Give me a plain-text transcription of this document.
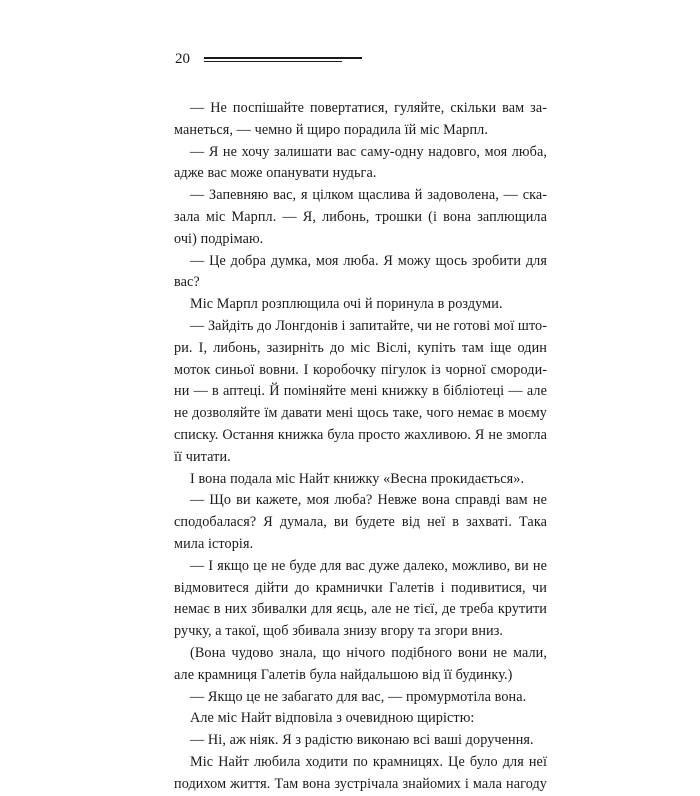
20

— Не поспішайте повертатися, гуляйте, скільки вам заманеться, — чемно й щиро порадила їй міс Марпл.

— Я не хочу залишати вас саму-одну надовго, моя люба, адже вас може опанувати нудьга.

— Запевняю вас, я цілком щаслива й задоволена, — сказала міс Марпл. — Я, либонь, трошки (і вона заплющила очі) подрімаю.

— Це добра думка, моя люба. Я можу щось зробити для вас?

Міс Марпл розплющила очі й поринула в роздуми.

— Зайдіть до Лонгдонів і запитайте, чи не готові мої штори. І, либонь, зазирніть до міс Віслі, купіть там іще один моток синьої вовни. І коробочку пігулок із чорної смородини — в аптеці. Й поміняйте мені книжку в бібліотеці — але не дозволяйте їм давати мені щось таке, чого немає в моєму списку. Остання книжка була просто жахливою. Я не змогла її читати.

І вона подала міс Найт книжку «Весна прокидається».

— Що ви кажете, моя люба? Невже вона справді вам не сподобалася? Я думала, ви будете від неї в захваті. Така мила історія.

— І якщо це не буде для вас дуже далеко, можливо, ви не відмовитеся дійти до крамнички Галетів і подивитися, чи немає в них збивалки для яєць, але не тієї, де треба крутити ручку, а такої, щоб збивала знизу вгору та згори вниз.

(Вона чудово знала, що нічого подібного вони не мали, але крамниця Галетів була найдальшою від її будинку.)

— Якщо це не забагато для вас, — промурмотіла вона.

Але міс Найт відповіла з очевидною щирістю:

— Ні, аж ніяк. Я з радістю виконаю всі ваші доручення.

Міс Найт любила ходити по крамницях. Це було для неї подихом життя. Там вона зустрічала знайомих і мала нагоду
